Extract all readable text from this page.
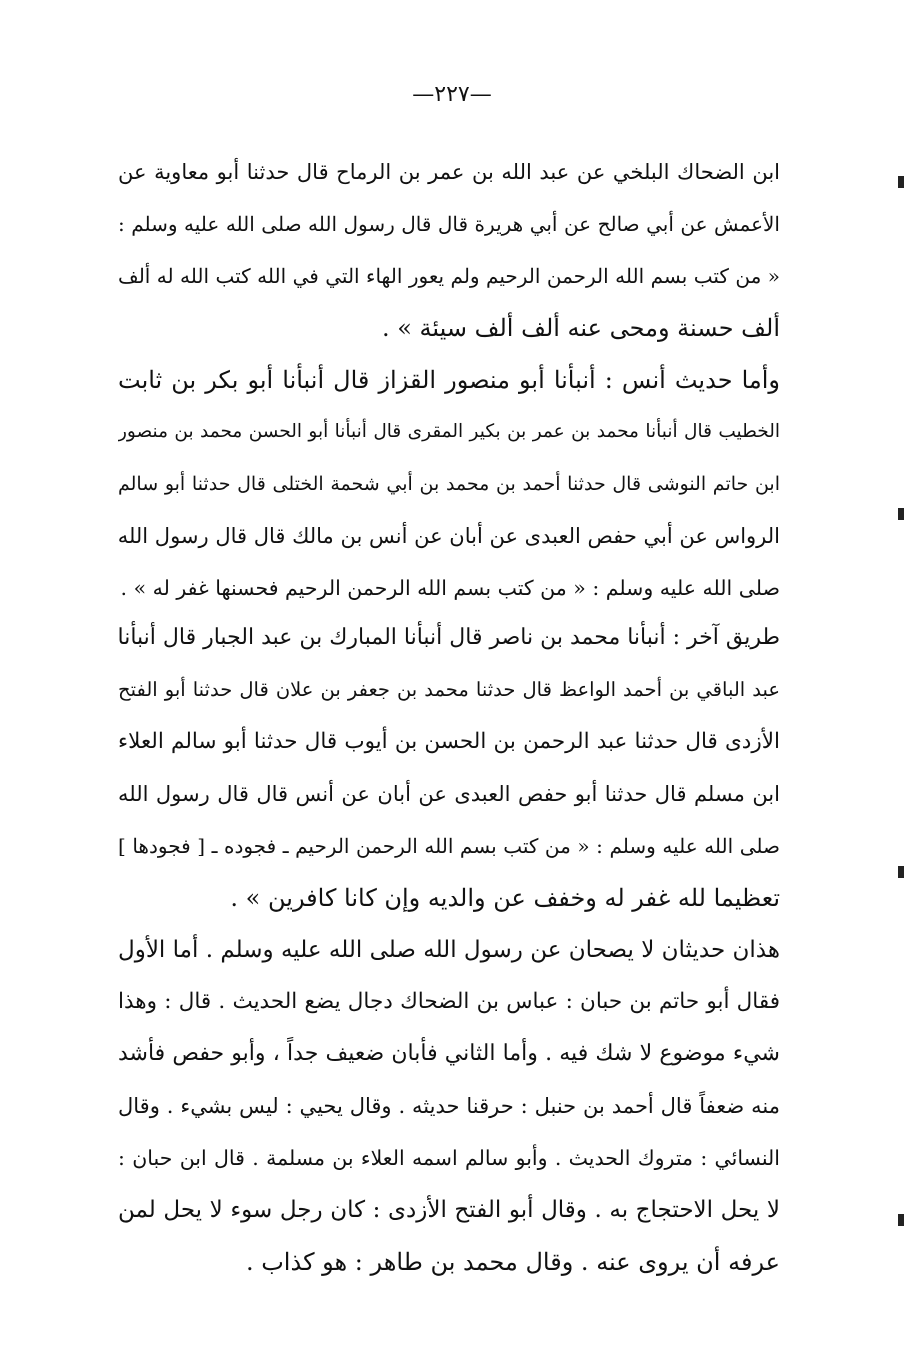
—٢٢٧—
ابن الضحاك البلخي عن عبد الله بن عمر بن الرماح قال حدثنا أبو معاوية عن
الأعمش عن أبي صالح عن أبي هريرة قال قال رسول الله صلى الله عليه وسلم :
« من كتب بسم الله الرحمن الرحيم ولم يعور الهاء التي في الله كتب الله له ألف
ألف حسنة ومحى عنه ألف ألف سيئة » .
وأما حديث أنس : أنبأنا أبو منصور القزاز قال أنبأنا أبو بكر بن ثابت
الخطيب قال أنبأنا محمد بن عمر بن بكير المقرى قال أنبأنا أبو الحسن محمد بن منصور
ابن حاتم النوشى قال حدثنا أحمد بن محمد بن أبي شحمة الختلى قال حدثنا أبو سالم
الرواس عن أبي حفص العبدى عن أبان عن أنس بن مالك قال قال رسول الله
صلى الله عليه وسلم : « من كتب بسم الله الرحمن الرحيم فحسنها غفر له » .
طريق آخر : أنبأنا محمد بن ناصر قال أنبأنا المبارك بن عبد الجبار قال أنبأنا
عبد الباقي بن أحمد الواعظ قال حدثنا محمد بن جعفر بن علان قال حدثنا أبو الفتح
الأزدى قال حدثنا عبد الرحمن بن الحسن بن أيوب قال حدثنا أبو سالم العلاء
ابن مسلم قال حدثنا أبو حفص العبدى عن أبان عن أنس قال قال رسول الله
صلى الله عليه وسلم : « من كتب بسم الله الرحمن الرحيم ـ فجوده ـ [ فجودها ]
تعظيما لله غفر له وخفف عن والديه وإن كانا كافرين » .
هذان حديثان لا يصحان عن رسول الله صلى الله عليه وسلم . أما الأول
فقال أبو حاتم بن حبان : عباس بن الضحاك دجال يضع الحديث . قال : وهذا
شيء موضوع لا شك فيه . وأما الثاني فأبان ضعيف جداً ، وأبو حفص فأشد
منه ضعفاً قال أحمد بن حنبل : حرقنا حديثه . وقال يحيي : ليس بشيء . وقال
النسائي : متروك الحديث . وأبو سالم اسمه العلاء بن مسلمة . قال ابن حبان :
لا يحل الاحتجاج به . وقال أبو الفتح الأزدى : كان رجل سوء لا يحل لمن
عرفه أن يروى عنه . وقال محمد بن طاهر : هو كذاب .
